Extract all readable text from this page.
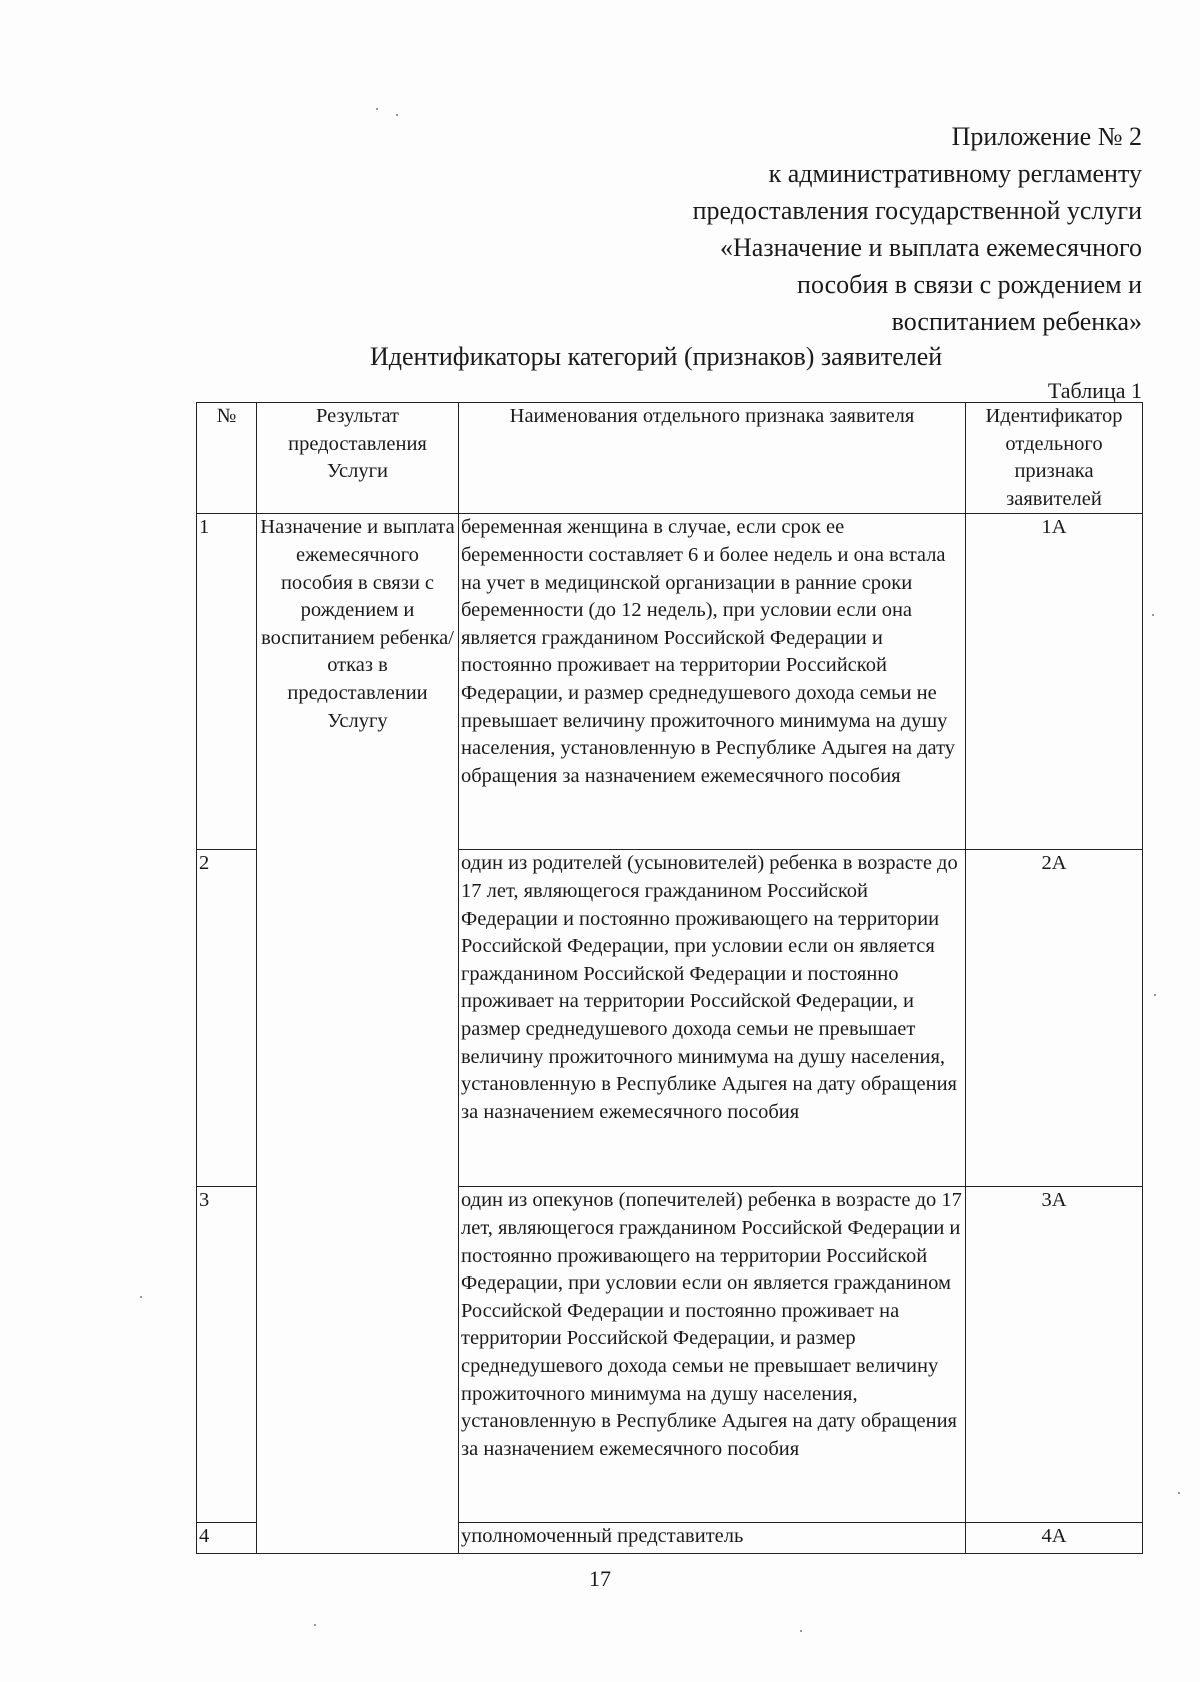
Приложение № 2
к административному регламенту
предоставления государственной услуги
«Назначение и выплата ежемесячного
пособия в связи с рождением и
воспитанием ребенка»
Идентификаторы категорий (признаков) заявителей
Таблица 1
№	Результат предоставления Услуги	Наименования отдельного признака заявителя	Идентификатор отдельного признака заявителей
1	Назначение и выплата ежемесячного пособия в связи с рождением и воспитанием ребенка/отказ в предоставлении Услугу	беременная женщина в случае, если срок ее беременности составляет 6 и более недель и она встала на учет в медицинской организации в ранние сроки беременности (до 12 недель), при условии если она является гражданином Российской Федерации и постоянно проживает на территории Российской Федерации, и размер среднедушевого дохода семьи не превышает величину прожиточного минимума на душу населения, установленную в Республике Адыгея на дату обращения за назначением ежемесячного пособия	1А
2		один из родителей (усыновителей) ребенка в возрасте до 17 лет, являющегося гражданином Российской Федерации и постоянно проживающего на территории Российской Федерации, при условии если он является гражданином Российской Федерации и постоянно проживает на территории Российской Федерации, и размер среднедушевого дохода семьи не превышает величину прожиточного минимума на душу населения, установленную в Республике Адыгея на дату обращения за назначением ежемесячного пособия	2А
3		один из опекунов (попечителей) ребенка в возрасте до 17 лет, являющегося гражданином Российской Федерации и постоянно проживающего на территории Российской Федерации, при условии если он является гражданином Российской Федерации и постоянно проживает на территории Российской Федерации, и размер среднедушевого дохода семьи не превышает величину прожиточного минимума на душу населения, установленную в Республике Адыгея на дату обращения за назначением ежемесячного пособия	3А
4		уполномоченный представитель	4А
17
